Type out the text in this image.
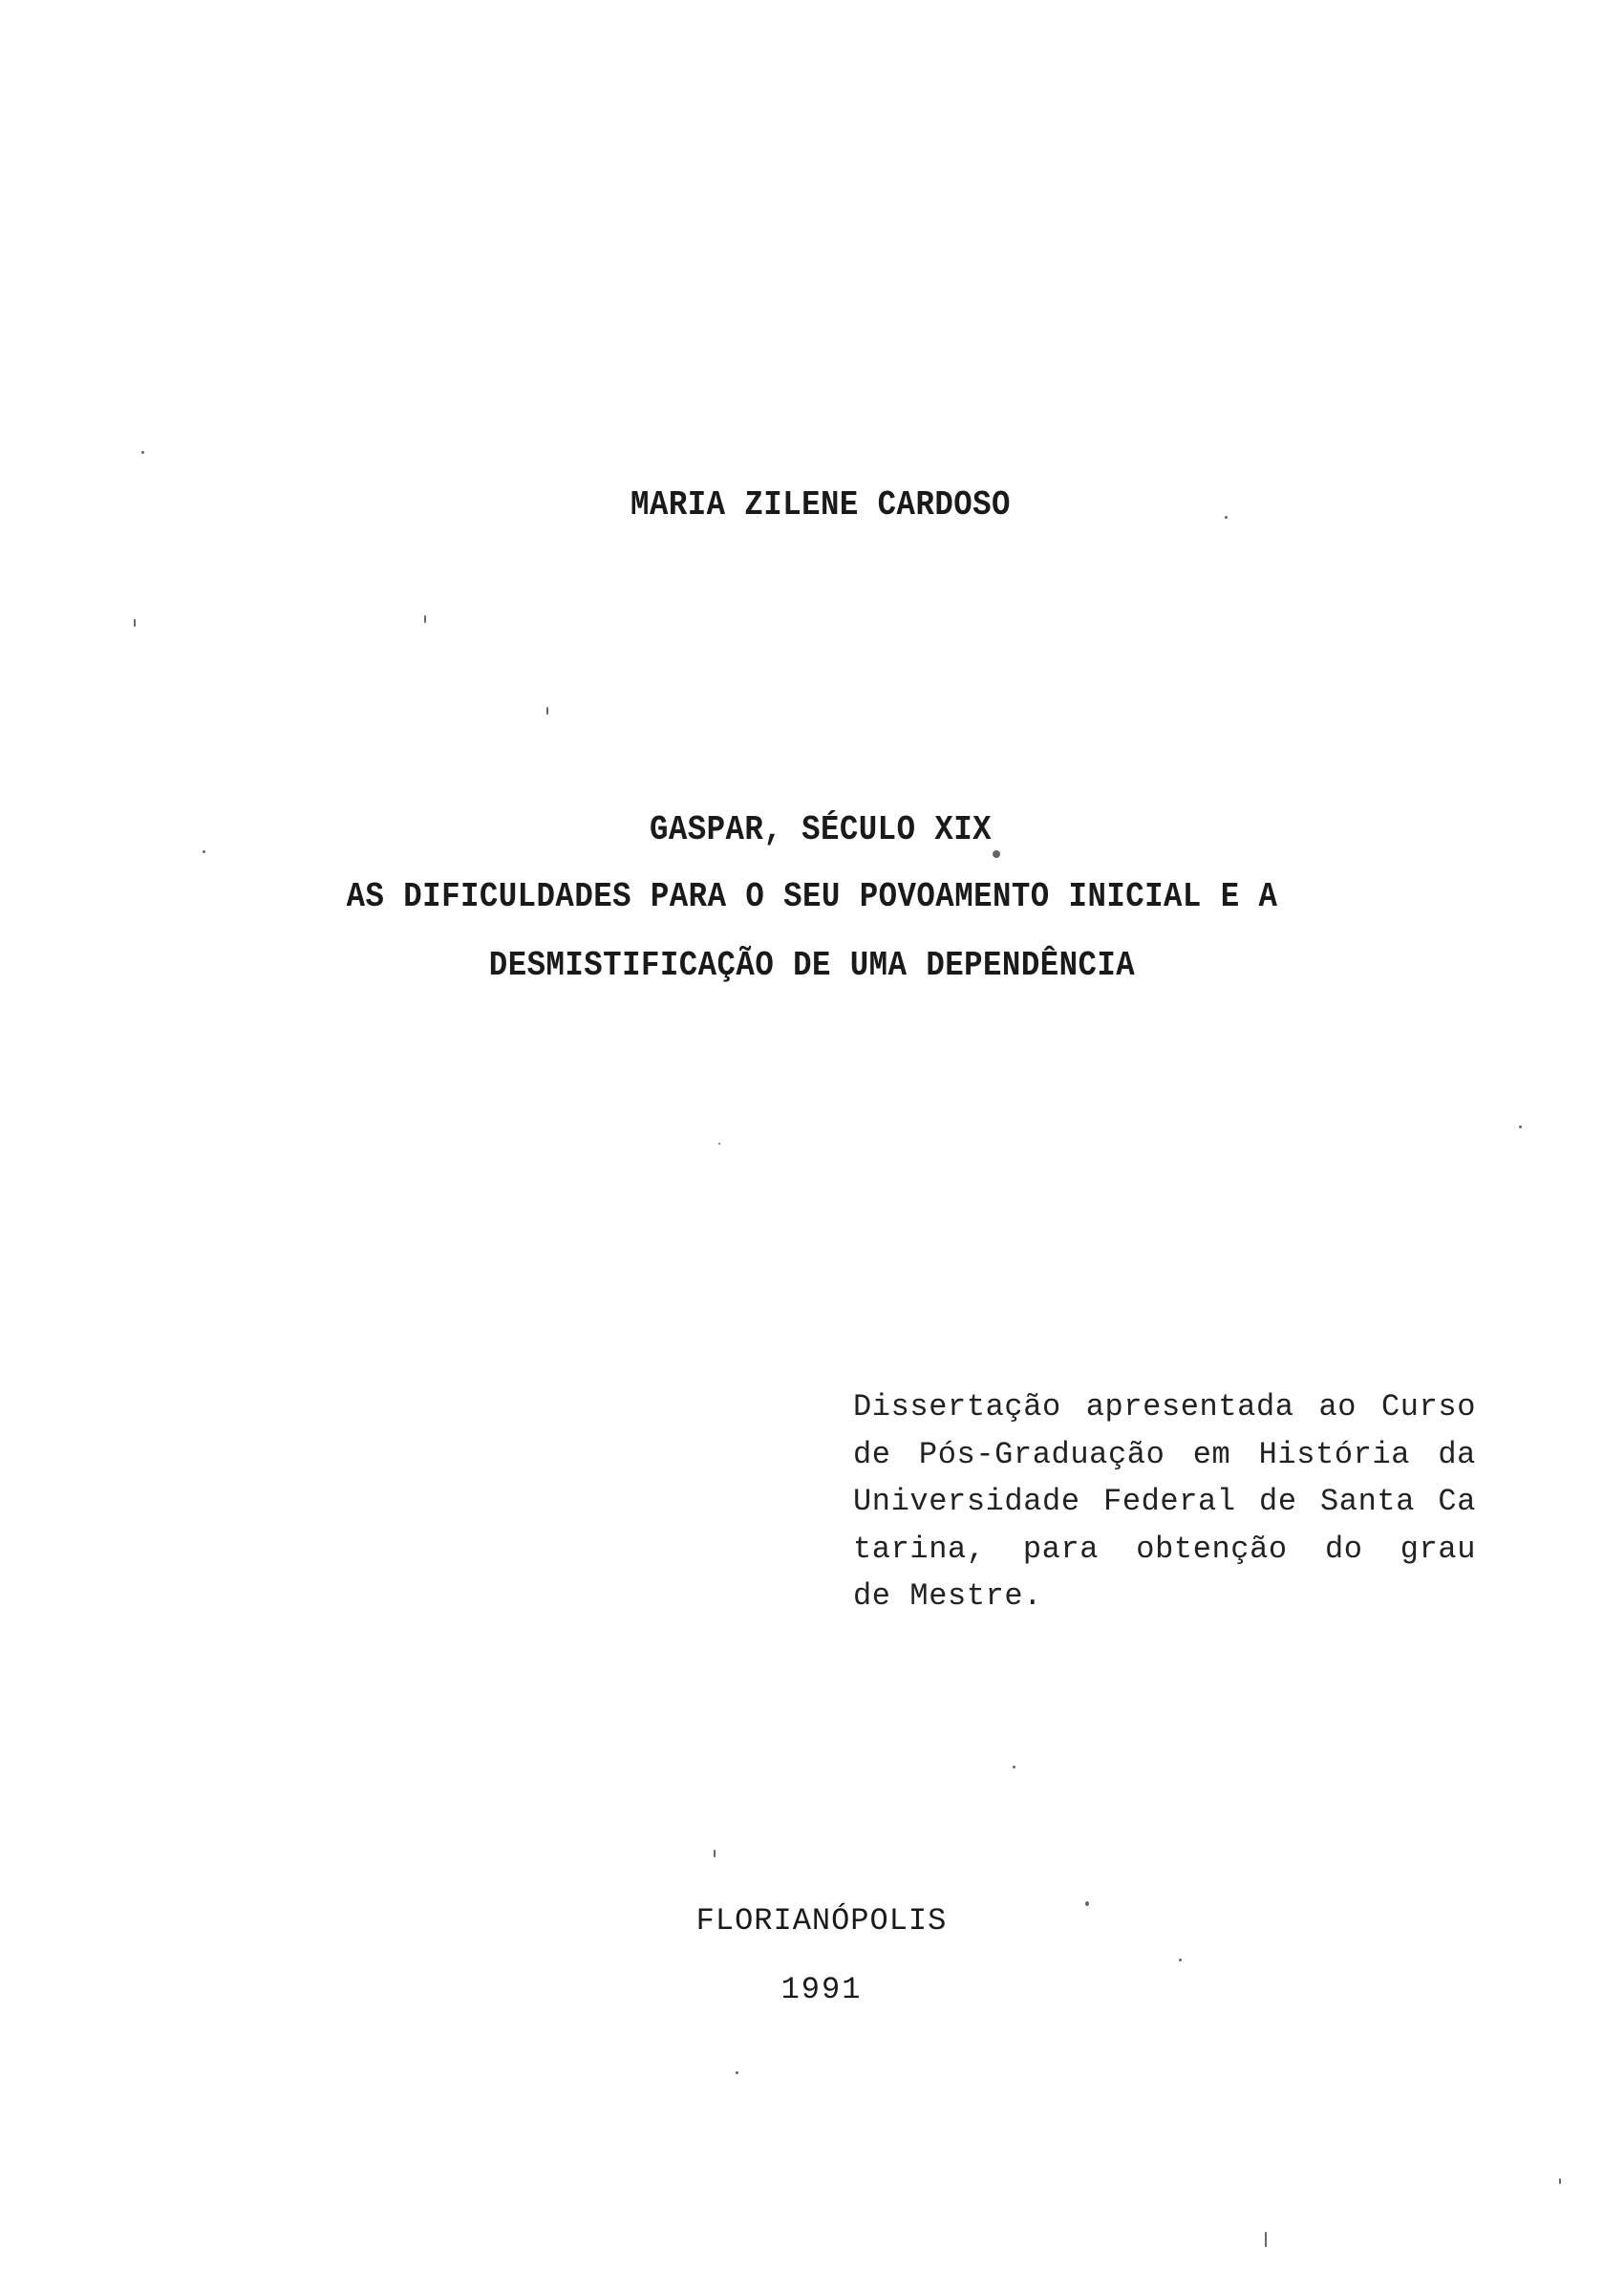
MARIA ZILENE CARDOSO
GASPAR, SÉCULO XIX
AS DIFICULDADES PARA O SEU POVOAMENTO INICIAL E A
DESMISTIFICAÇÃO DE UMA DEPENDÊNCIA
Dissertação apresentada ao Curso
de Pós-Graduação em História da
Universidade Federal de Santa Ca
tarina, para obtenção do grau
de Mestre.
FLORIANÓPOLIS
1991
